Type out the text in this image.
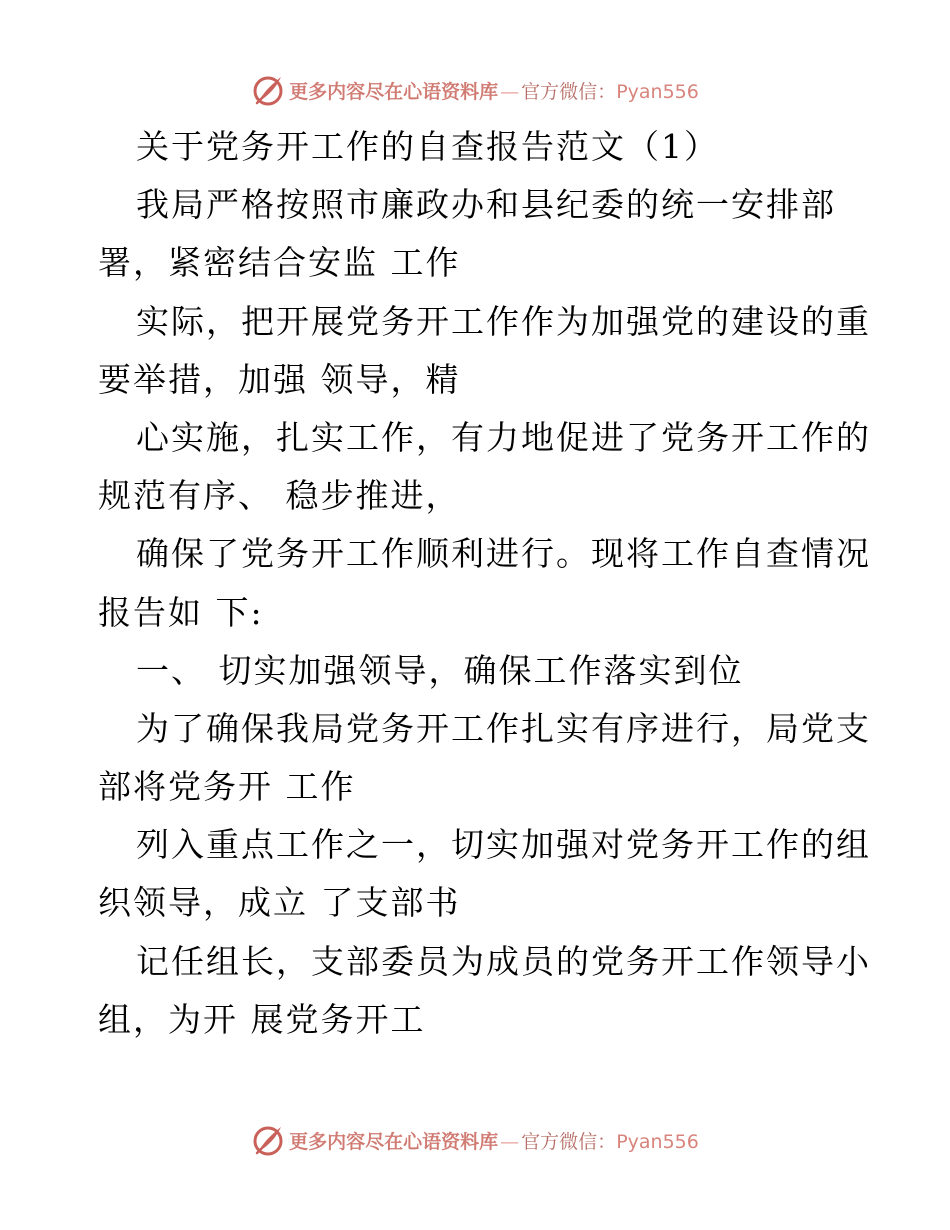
更多内容尽在心语资料库 — 官方微信：Pyan556
关于党务开工作的自查报告范文（1）
我局严格按照市廉政办和县纪委的统一安排部
署，紧密结合安监 工作
实际，把开展党务开工作作为加强党的建设的重
要举措，加强 领导，精
心实施，扎实工作，有力地促进了党务开工作的
规范有序、 稳步推进，
确保了党务开工作顺利进行。现将工作自查情况
报告如 下:
一、 切实加强领导，确保工作落实到位
为了确保我局党务开工作扎实有序进行，局党支
部将党务开 工作
列入重点工作之一，切实加强对党务开工作的组
织领导，成立 了支部书
记任组长，支部委员为成员的党务开工作领导小
组，为开 展党务开工
更多内容尽在心语资料库 — 官方微信：Pyan556
